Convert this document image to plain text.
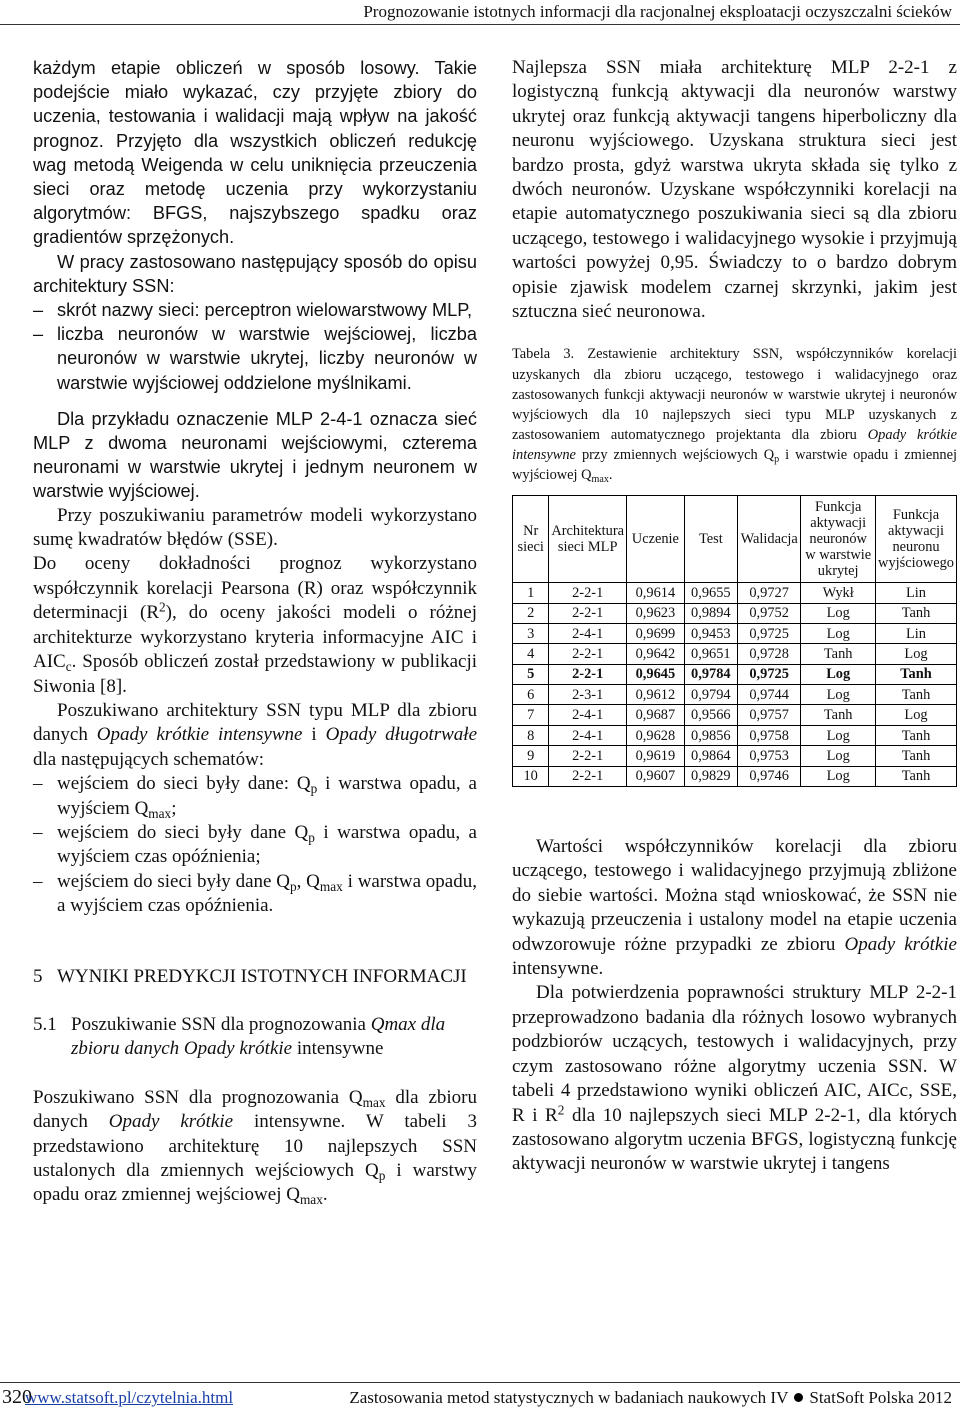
Prognozowanie istotnych informacji dla racjonalnej eksploatacji oczyszczalni ścieków

każdym etapie obliczeń w sposób losowy. Takie podejście miało wykazać, czy przyjęte zbiory do uczenia, testowania i walidacji mają wpływ na jakość prognoz. Przyjęto dla wszystkich obliczeń redukcję wag metodą Weigenda w celu uniknięcia przeuczenia sieci oraz metodę uczenia przy wykorzystaniu algorytmów: BFGS, najszybszego spadku oraz gradientów sprzężonych.

W pracy zastosowano następujący sposób do opisu architektury SSN:

– skrót nazwy sieci: perceptron wielowarstwowy MLP,
– liczba neuronów w warstwie wejściowej, liczba neuronów w warstwie ukrytej, liczby neuronów w warstwie wyjściowej oddzielone myślnikami.

Dla przykładu oznaczenie MLP 2-4-1 oznacza sieć MLP z dwoma neuronami wejściowymi, czterema neuronami w warstwie ukrytej i jednym neuronem w warstwie wyjściowej.

Przy poszukiwaniu parametrów modeli wykorzystano sumę kwadratów błędów (SSE).

Do oceny dokładności prognoz wykorzystano współczynnik korelacji Pearsona (R) oraz współczynnik determinacji $(R^2)$, do oceny jakości modeli o różnej architekturze wykorzystano kryteria informacyjne AIC i $AIC_c$. Sposób obliczeń został przedstawiony w publikacji Siwonia [8].

Poszukiwano architektury SSN typu MLP dla zbioru danych Opady krótkie intensywne i Opady długotrwałe dla następujących schematów:

– wejściem do sieci były dane: $Q_p$ i warstwa opadu, a wyjściem $Q_{max}$;
– wejściem do sieci były dane $Q_p$ i warstwa opadu, a wyjściem czas opóźnienia;
– wejściem do sieci były dane $Q_p$, $Q_{max}$ i warstwa opadu, a wyjściem czas opóźnienia.
5 WYNIKI PREDYKCJI ISTOTNYCH INFORMACJI
5.1 Poszukiwanie SSN dla prognozowania Qmax dla zbioru danych Opady krótkie intensywne

Poszukiwano SSN dla prognozowania $Q_{max}$ dla zbioru danych Opady krótkie intensywne. W tabeli 3 przedstawiono architekturę 10 najlepszych SSN ustalonych dla zmiennych wejściowych $Q_p$ i warstwy opadu oraz zmiennej wejściowej $Q_{max}$.

Najlepsza SSN miała architekturę MLP 2-2-1 z logistyczną funkcją aktywacji dla neuronów warstwy ukrytej oraz funkcją aktywacji tangens hiperboliczny dla neuronu wyjściowego. Uzyskana struktura sieci jest bardzo prosta, gdyż warstwa ukryta składa się tylko z dwóch neuronów. Uzyskane współczynniki korelacji na etapie automatycznego poszukiwania sieci są dla zbioru uczącego, testowego i walidacyjnego wysokie i przyjmują wartości powyżej 0,95. Świadczy to o bardzo dobrym opisie zjawisk modelem czarnej skrzynki, jakim jest sztuczna sieć neuronowa.

Tabela 3. Zestawienie architektury SSN, współczynników korelacji uzyskanych dla zbioru uczącego, testowego i walidacyjnego oraz zastosowanych funkcji aktywacji neuronów w warstwie ukrytej i neuronów wyjściowych dla 10 najlepszych sieci typu MLP uzyskanych z zastosowaniem automatycznego projektanta dla zbioru Opady krótkie intensywne przy zmiennych wejściowych $Q_p$ i warstwie opadu i zmiennej wyjściowej $Q_{max}$.

Nr sieci	Architektura sieci MLP	Uczenie	Test	Walidacja	Funkcja aktywacji neuronów w warstwie ukrytej	Funkcja aktywacji neuronu wyjściowego
1	2-2-1	0,9614	0,9655	0,9727	Wykł	Lin
2	2-2-1	0,9623	0,9894	0,9752	Log	Tanh
3	2-4-1	0,9699	0,9453	0,9725	Log	Lin
4	2-2-1	0,9642	0,9651	0,9728	Tanh	Log
5	2-2-1	0,9645	0,9784	0,9725	Log	Tanh
6	2-3-1	0,9612	0,9794	0,9744	Log	Tanh
7	2-4-1	0,9687	0,9566	0,9757	Tanh	Log
8	2-4-1	0,9628	0,9856	0,9758	Log	Tanh
9	2-2-1	0,9619	0,9864	0,9753	Log	Tanh
10	2-2-1	0,9607	0,9829	0,9746	Log	Tanh

Wartości współczynników korelacji dla zbioru uczącego, testowego i walidacyjnego przyjmują zbliżone do siebie wartości. Można stąd wnioskować, że SSN nie wykazują przeuczenia i ustalony model na etapie uczenia odwzorowuje różne przypadki ze zbioru Opady krótkie intensywne.

Dla potwierdzenia poprawności struktury MLP 2-2-1 przeprowadzono badania dla różnych losowo wybranych podzbiorów uczących, testowych i walidacyjnych, przy czym zastosowano różne algorytmy uczenia SSN. W tabeli 4 przedstawiono wyniki obliczeń AIC, AICc, SSE, R i $R^2$ dla 10 najlepszych sieci MLP 2-2-1, dla których zastosowano algorytm uczenia BFGS, logistyczną funkcję aktywacji neuronów w warstwie ukrytej i tangens

320
www.statsoft.pl/czytelnia.html	Zastosowania metod statystycznych w badaniach naukowych IV StatSoft Polska 2012
